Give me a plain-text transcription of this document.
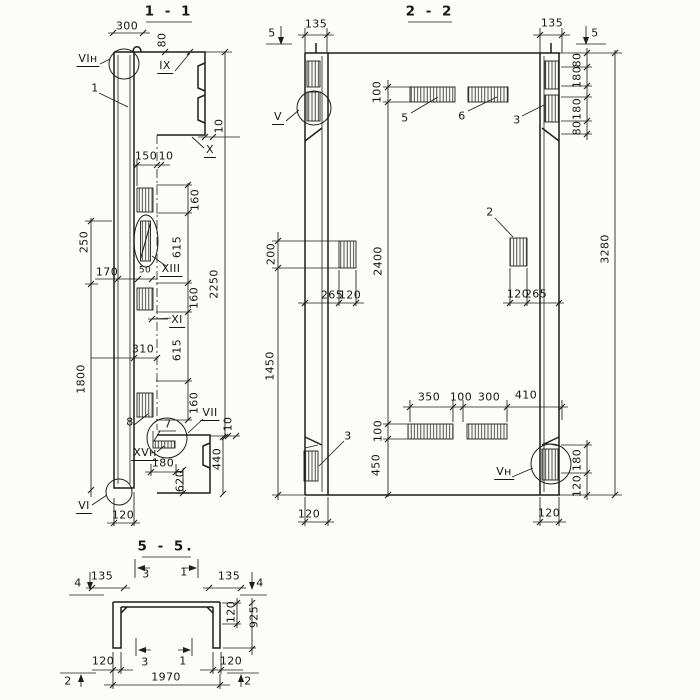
1 - 1
300
80
VIн
1
IX
10
X
150 10
160
615
XIII
50
170
250
2250
160
XI
310 615
1800
160
8	7
VII
10
XVн
180
620
440
VI
120
2 - 2
135
5
135
5
V
100
5	6	3
80
180
180
80
200	2400
265
120
2
120
265
3280
1450
350 100 300 410
100
450
3
Vн
180
120
120	120
5 - 5.
4
135	3	1	135
4
120 925
120	120
3	1
1970
2	2
